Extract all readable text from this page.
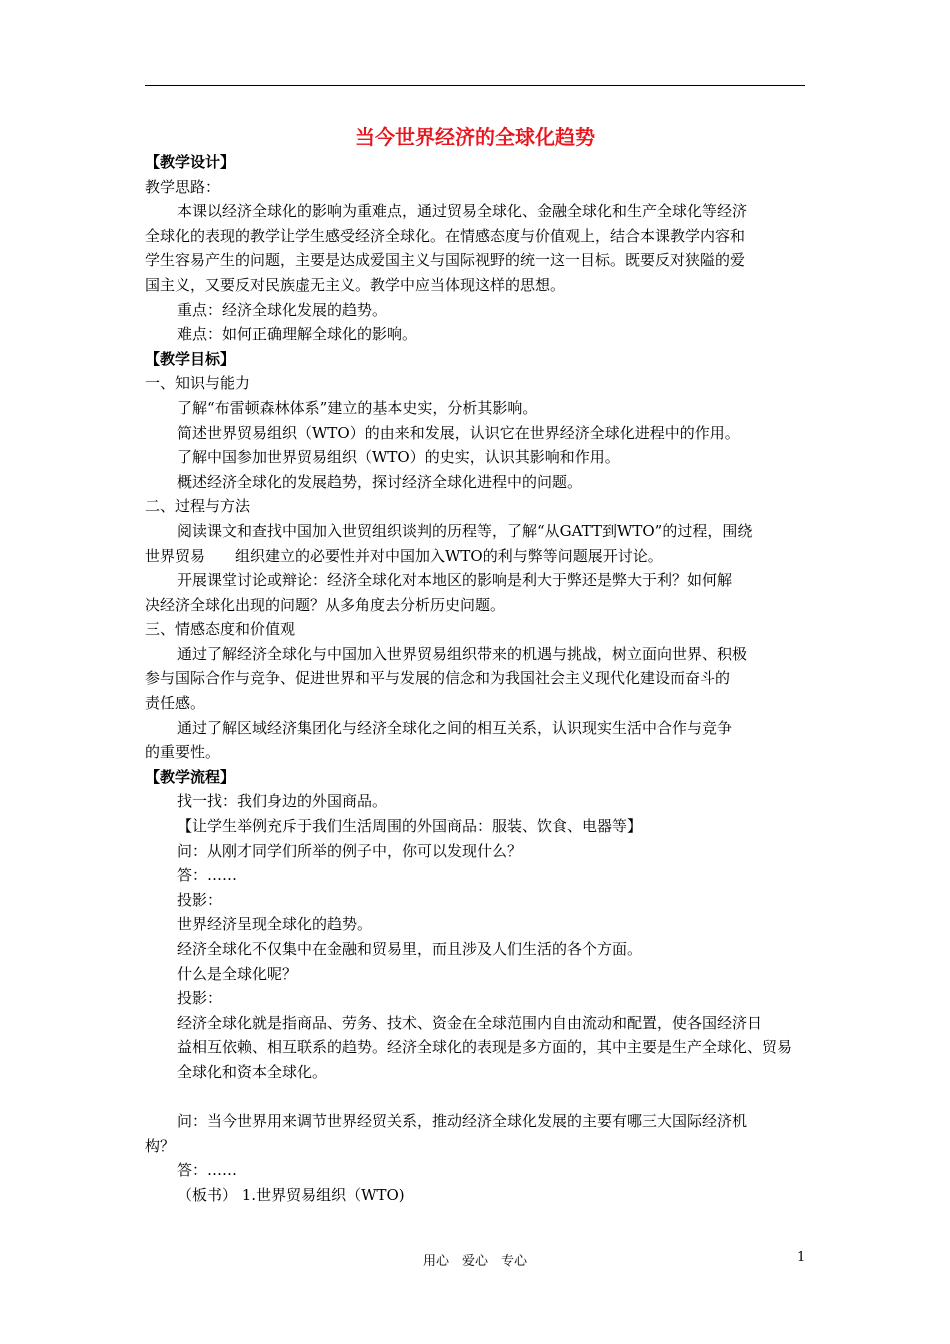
当今世界经济的全球化趋势
【教学设计】
教学思路：
本课以经济全球化的影响为重难点，通过贸易全球化、金融全球化和生产全球化等经济
全球化的表现的教学让学生感受经济全球化。在情感态度与价值观上，结合本课教学内容和
学生容易产生的问题，主要是达成爱国主义与国际视野的统一这一目标。既要反对狭隘的爱
国主义，又要反对民族虚无主义。教学中应当体现这样的思想。
重点：经济全球化发展的趋势。
难点：如何正确理解全球化的影响。
【教学目标】
一、知识与能力
了解“布雷顿森林体系”建立的基本史实，分析其影响。
简述世界贸易组织（WTO）的由来和发展，认识它在世界经济全球化进程中的作用。
了解中国参加世界贸易组织（WTO）的史实，认识其影响和作用。
概述经济全球化的发展趋势，探讨经济全球化进程中的问题。
二、过程与方法
阅读课文和查找中国加入世贸组织谈判的历程等，了解“从GATT到WTO”的过程，围绕
世界贸易　　组织建立的必要性并对中国加入WTO的利与弊等问题展开讨论。
开展课堂讨论或辩论：经济全球化对本地区的影响是利大于弊还是弊大于利？如何解
决经济全球化出现的问题？从多角度去分析历史问题。
三、情感态度和价值观
通过了解经济全球化与中国加入世界贸易组织带来的机遇与挑战，树立面向世界、积极
参与国际合作与竞争、促进世界和平与发展的信念和为我国社会主义现代化建设而奋斗的
责任感。
通过了解区域经济集团化与经济全球化之间的相互关系，认识现实生活中合作与竞争
的重要性。
【教学流程】
找一找：我们身边的外国商品。
【让学生举例充斥于我们生活周围的外国商品：服装、饮食、电器等】
问：从刚才同学们所举的例子中，你可以发现什么？
答：……
投影：
世界经济呈现全球化的趋势。
经济全球化不仅集中在金融和贸易里，而且涉及人们生活的各个方面。
什么是全球化呢？
投影：
经济全球化就是指商品、劳务、技术、资金在全球范围内自由流动和配置，使各国经济日
益相互依赖、相互联系的趋势。经济全球化的表现是多方面的，其中主要是生产全球化、贸易
全球化和资本全球化。
问：当今世界用来调节世界经贸关系，推动经济全球化发展的主要有哪三大国际经济机
构？
答：……
（板书） 1.世界贸易组织（WTO)
用心　爱心　专心	1
